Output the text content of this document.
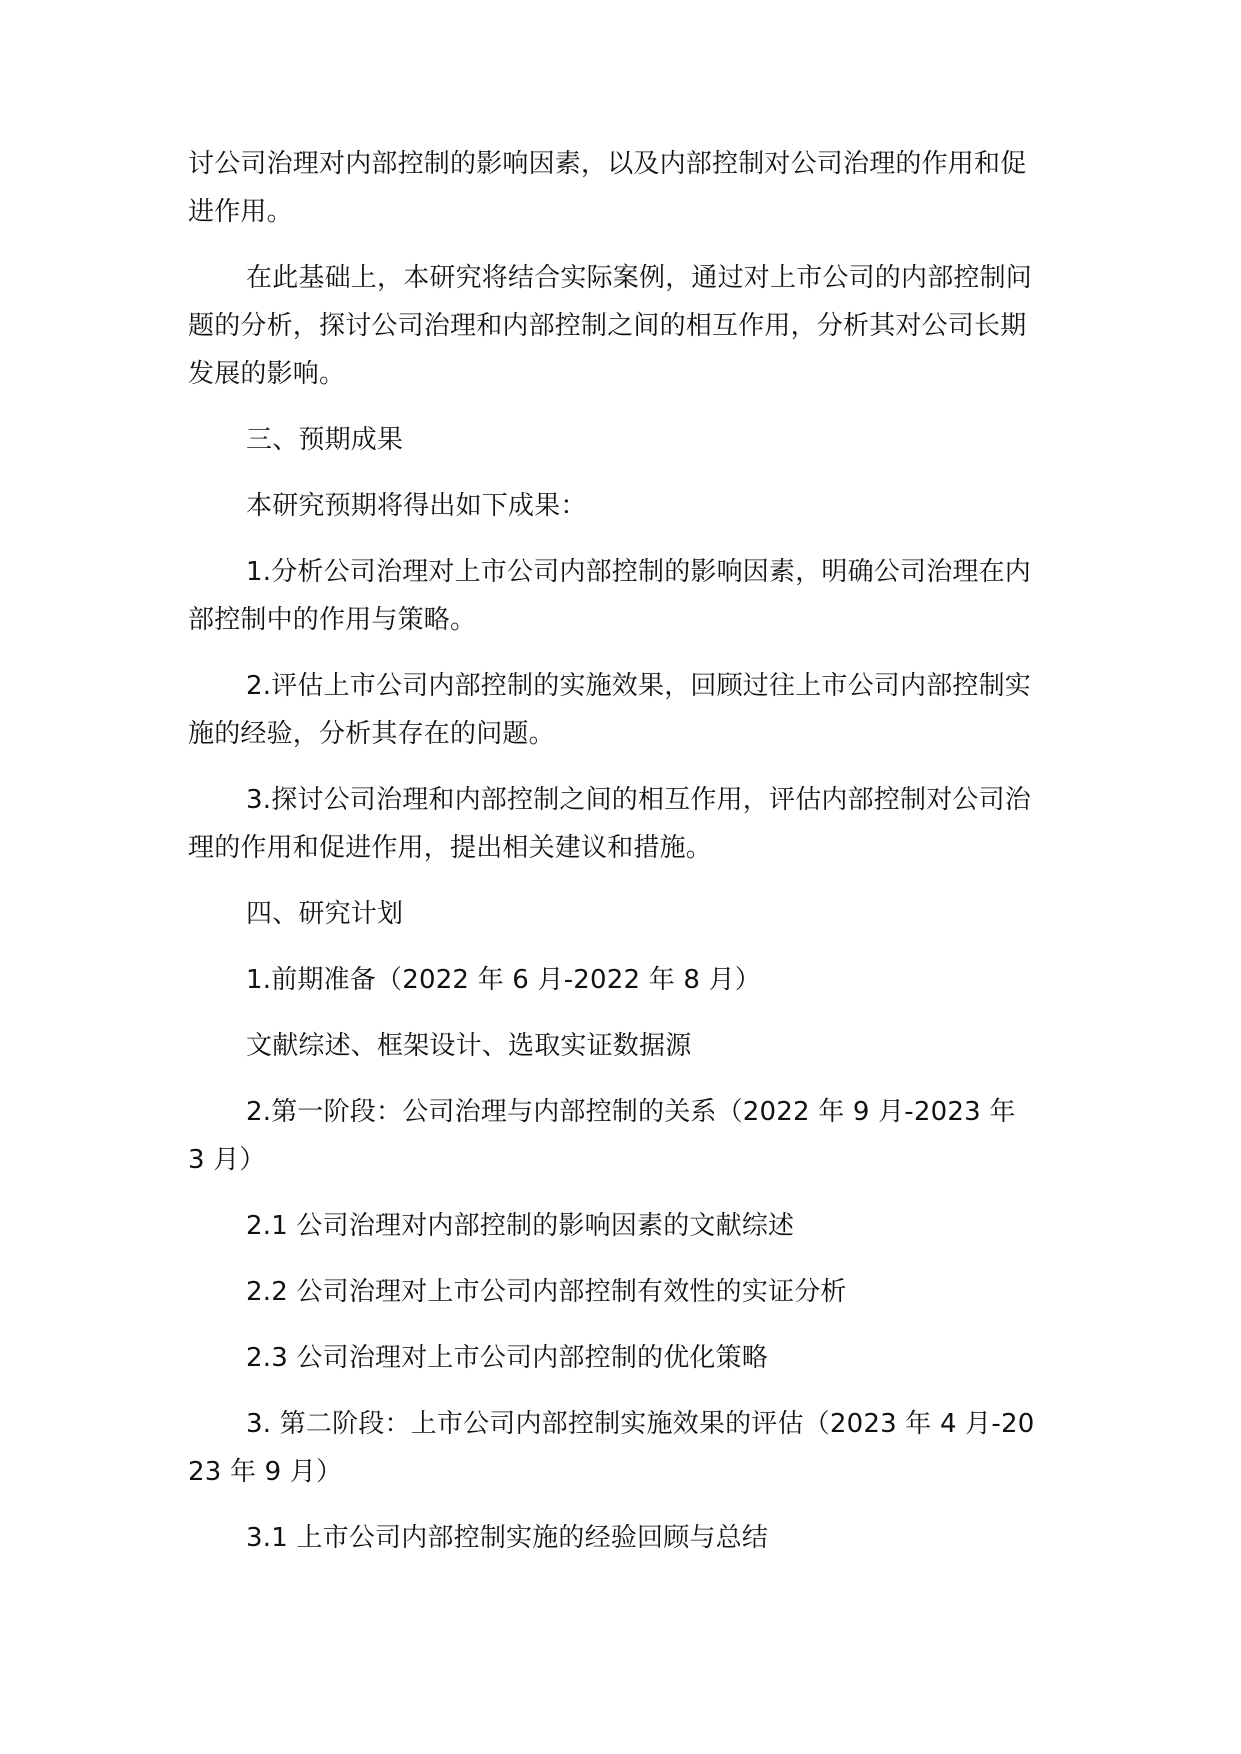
讨公司治理对内部控制的影响因素，以及内部控制对公司治理的作用和促进作用。

在此基础上，本研究将结合实际案例，通过对上市公司的内部控制问题的分析，探讨公司治理和内部控制之间的相互作用，分析其对公司长期发展的影响。

三、预期成果

本研究预期将得出如下成果：

1.分析公司治理对上市公司内部控制的影响因素，明确公司治理在内部控制中的作用与策略。

2.评估上市公司内部控制的实施效果，回顾过往上市公司内部控制实施的经验，分析其存在的问题。

3.探讨公司治理和内部控制之间的相互作用，评估内部控制对公司治理的作用和促进作用，提出相关建议和措施。

四、研究计划

1.前期准备（2022 年 6 月-2022 年 8 月）

文献综述、框架设计、选取实证数据源

2.第一阶段：公司治理与内部控制的关系（2022 年 9 月-2023 年 3 月）

2.1 公司治理对内部控制的影响因素的文献综述

2.2 公司治理对上市公司内部控制有效性的实证分析

2.3 公司治理对上市公司内部控制的优化策略

3. 第二阶段：上市公司内部控制实施效果的评估（2023 年 4 月-2023 年 9 月）

3.1 上市公司内部控制实施的经验回顾与总结
